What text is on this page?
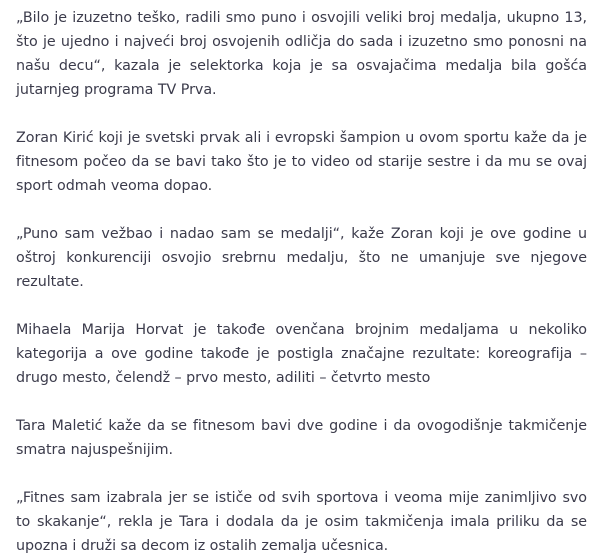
„Bilo je izuzetno teško, radili smo puno i osvojili veliki broj medalja, ukupno 13, što je ujedno i najveći broj osvojenih odličja do sada i izuzetno smo ponosni na našu decu“, kazala je selektorka koja je sa osvajačima medalja bila gošća jutarnjeg programa TV Prva.

Zoran Kirić koji je svetski prvak ali i evropski šampion u ovom sportu kaže da je fitnesom počeo da se bavi tako što je to video od starije sestre i da mu se ovaj sport odmah veoma dopao.

„Puno sam vežbao i nadao sam se medalji“, kaže Zoran koji je ove godine u oštroj konkurenciji osvojio srebrnu medalju, što ne umanjuje sve njegove rezultate.

Mihaela Marija Horvat je takođe ovenčana brojnim medaljama u nekoliko kategorija a ove godine takođe je postigla značajne rezultate: koreografija – drugo mesto, čelendž – prvo mesto, adiliti – četvrto mesto

Tara Maletić kaže da se fitnesom bavi dve godine i da ovogodišnje takmičenje smatra najuspešnijim.

„Fitnes sam izabrala jer se ističe od svih sportova i veoma mije zanimljivo svo to skakanje“, rekla je Tara i dodala da je osim takmičenja imala priliku da se upozna i druži sa decom iz ostalih zemalja učesnica.
